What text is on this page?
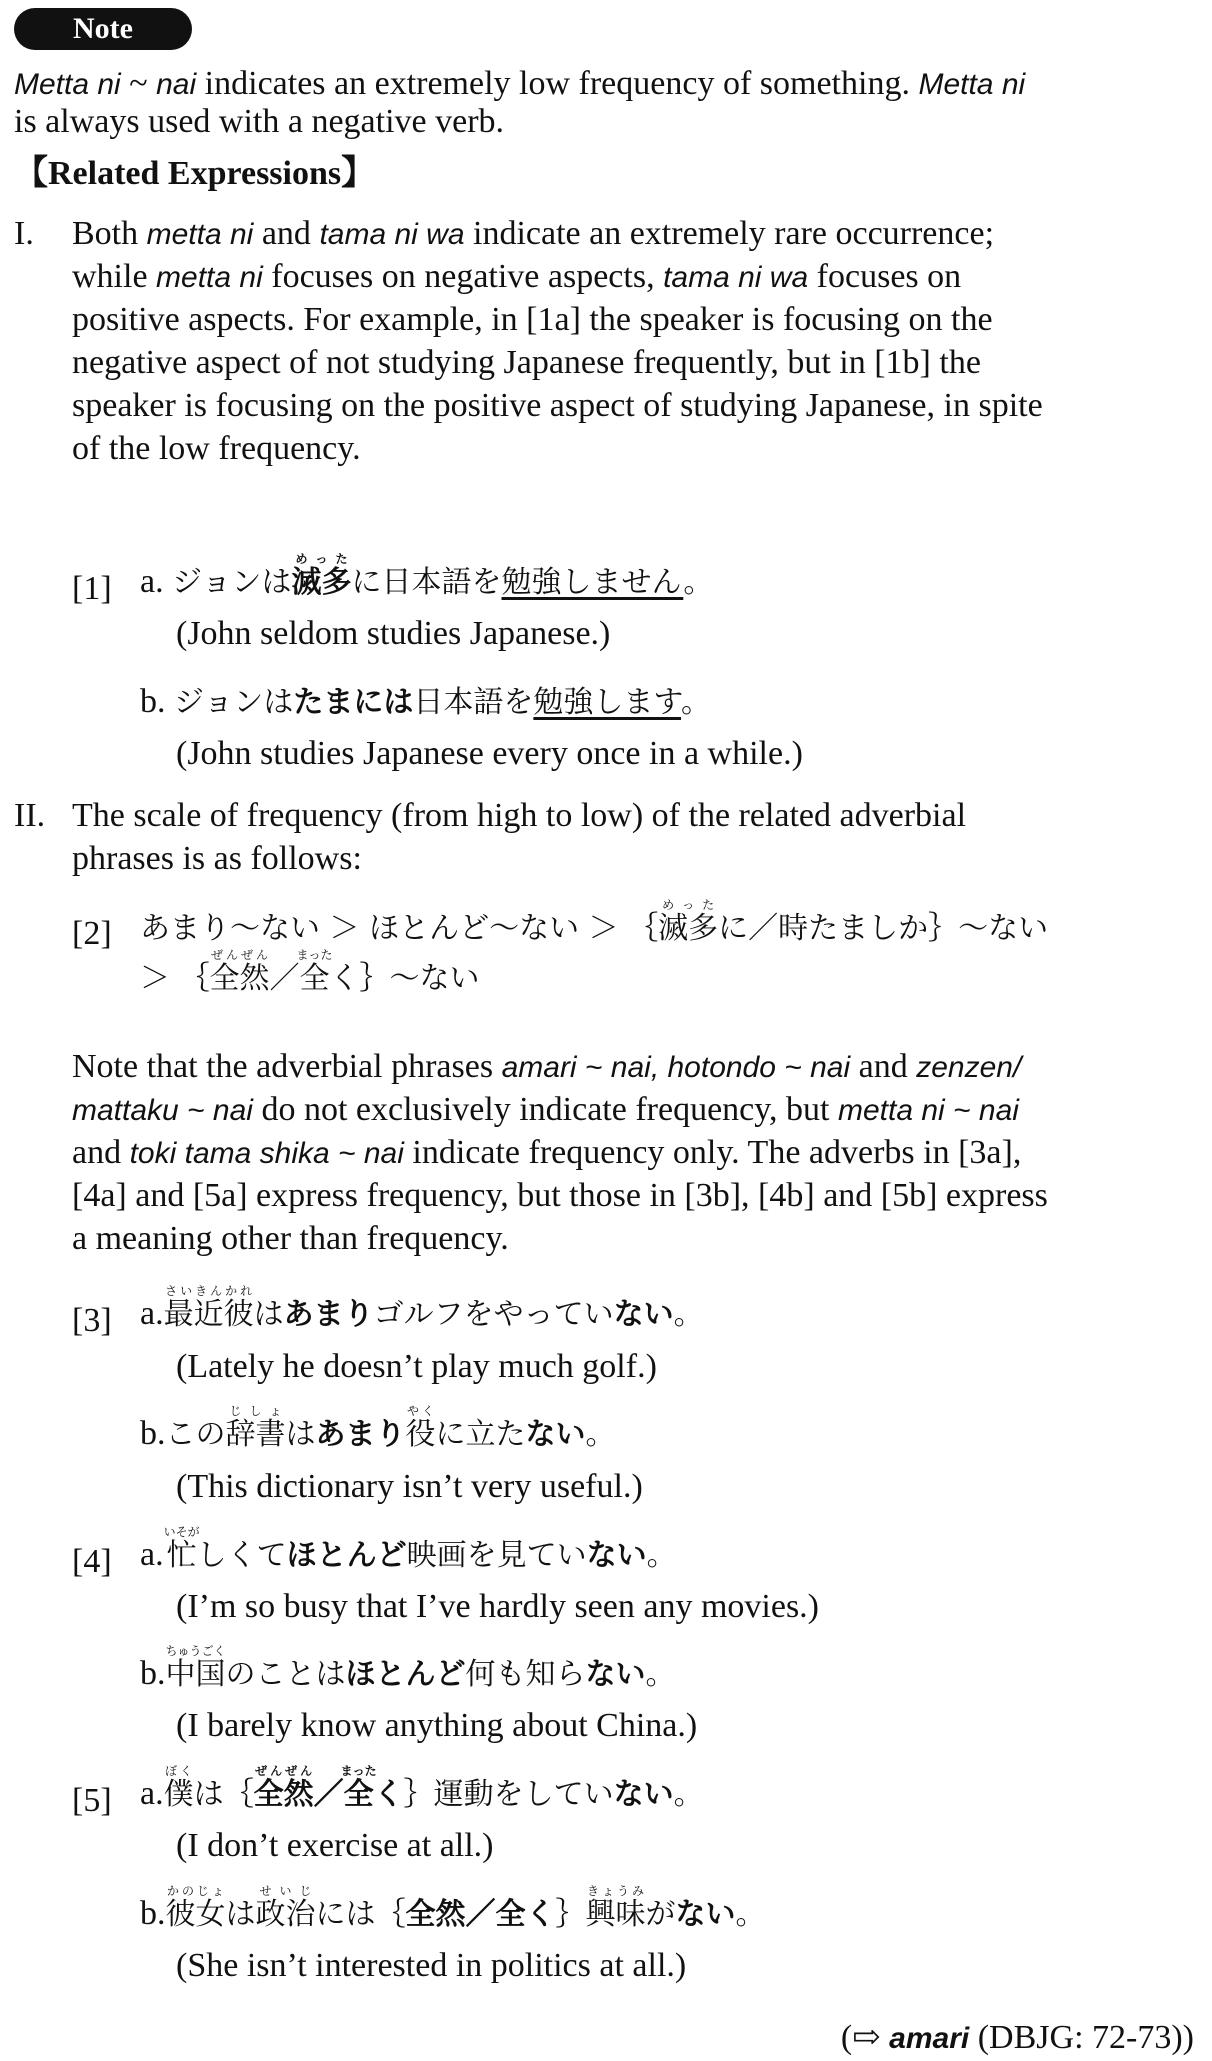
Note
Metta ni ~ nai indicates an extremely low frequency of something. Metta ni
is always used with a negative verb.
【Related Expressions】
I. Both metta ni and tama ni wa indicate an extremely rare occurrence;
while metta ni focuses on negative aspects, tama ni wa focuses on
positive aspects. For example, in [1a] the speaker is focusing on the
negative aspect of not studying Japanese frequently, but in [1b] the
speaker is focusing on the positive aspect of studying Japanese, in spite
of the low frequency.
[1] a. ジョンは滅多めったに日本語を勉強しません。
(John seldom studies Japanese.)
b. ジョンはたまには日本語を勉強します。
(John studies Japanese every once in a while.)
II. The scale of frequency (from high to low) of the related adverbial
phrases is as follows:
[2] あまり～ない ＞ ほとんど～ない ＞ ｛滅多めったに／時たましか｝～ない
＞ ｛全然ぜんぜん／全まったく｝～ない
Note that the adverbial phrases amari ~ nai, hotondo ~ nai and zenzen/
mattaku ~ nai do not exclusively indicate frequency, but metta ni ~ nai
and toki tama shika ~ nai indicate frequency only. The adverbs in [3a],
[4a] and [5a] express frequency, but those in [3b], [4b] and [5b] express
a meaning other than frequency.
[3] a.最近さいきん彼かれはあまりゴルフをやっていない。
(Lately he doesn’t play much golf.)
b.この辞書じしょはあまり役やくに立たない。
(This dictionary isn’t very useful.)
[4] a.忙いそがしくてほとんど映画を見ていない。
(I’m so busy that I’ve hardly seen any movies.)
b.中国ちゅうごくのことはほとんど何も知らない。
(I barely know anything about China.)
[5] a.僕ぼくは｛全然ぜんぜん／全まったく｝運動をしていない。
(I don’t exercise at all.)
b.彼女かのじょは政治せいじには｛全然／全く｝興味きょうみがない。
(She isn’t interested in politics at all.)
(⇨ amari (DBJG: 72-73))
